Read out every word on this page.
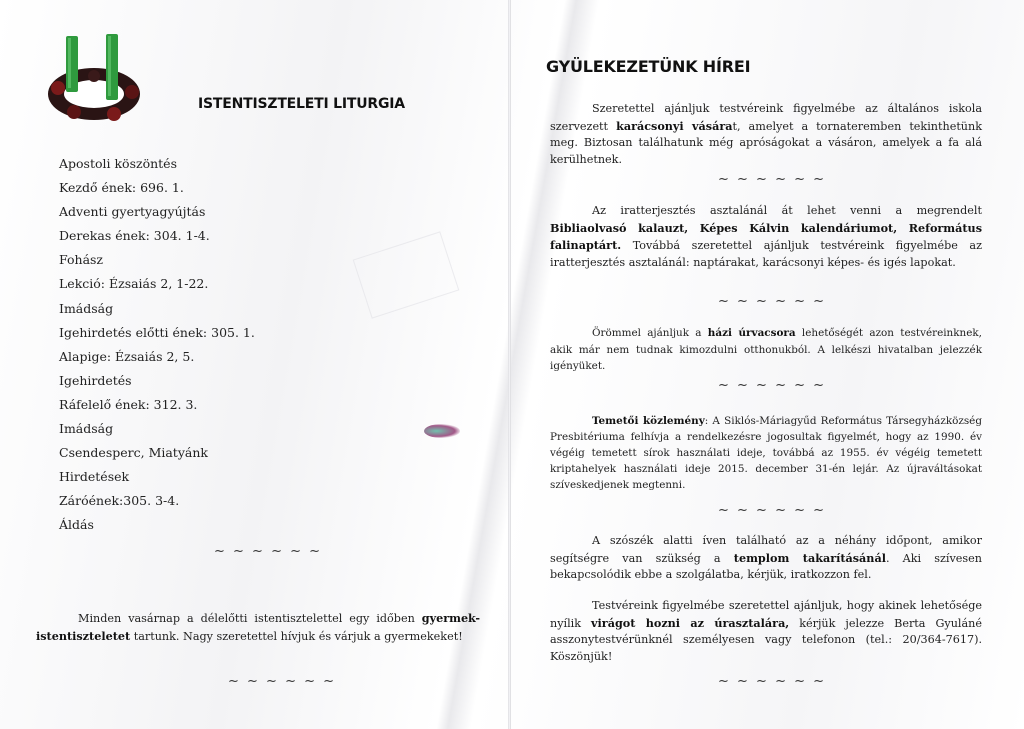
ISTENTISZTELETI LITURGIA
Apostoli köszöntés
Kezdő ének: 696. 1.
Adventi gyertyagyújtás
Derekas ének: 304. 1-4.
Fohász
Lekció: Ézsaiás 2, 1-22.
Imádság
Igehirdetés előtti ének: 305. 1.
Alapige: Ézsaiás 2, 5.
Igehirdetés
Ráfelelő ének: 312. 3.
Imádság
Csendesperc, Miatyánk
Hirdetések
Záróének:305. 3-4.
Áldás
~ ~ ~ ~ ~ ~

Minden vasárnap a délelőtti istentisztelettel egy időben gyermek-istentiszteletet tartunk. Nagy szeretettel hívjuk és várjuk a gyermekeket!

~ ~ ~ ~ ~ ~
GYÜLEKEZETÜNK HÍREI

Szeretettel ajánljuk testvéreink figyelmébe az általános iskola szervezett karácsonyi vásárat, amelyet a tornateremben tekinthetünk meg. Biztosan találhatunk még apróságokat a vásáron, amelyek a fa alá kerülhetnek.

~ ~ ~ ~ ~ ~

Az iratterjesztés asztalánál át lehet venni a megrendelt Bibliaolvasó kalauzt, Képes Kálvin kalendáriumot, Református falinaptárt. Továbbá szeretettel ajánljuk testvéreink figyelmébe az iratterjesztés asztalánál: naptárakat, karácsonyi képes- és igés lapokat.

~ ~ ~ ~ ~ ~

Örömmel ajánljuk a házi úrvacsora lehetőségét azon testvéreinknek, akik már nem tudnak kimozdulni otthonukból. A lelkészi hivatalban jelezzék igényüket.

~ ~ ~ ~ ~ ~

Temetői közlemény: A Siklós-Máriagyűd Református Társegyházközség Presbitériuma felhívja a rendelkezésre jogosultak figyelmét, hogy az 1990. év végéig temetett sírok használati ideje, továbbá az 1955. év végéig temetett kriptahelyek használati ideje 2015. december 31-én lejár. Az újraváltásokat szíveskedjenek megtenni.

~ ~ ~ ~ ~ ~

A szószék alatti íven található az a néhány időpont, amikor segítségre van szükség a templom takarításánál. Aki szívesen bekapcsolódik ebbe a szolgálatba, kérjük, iratkozzon fel.

Testvéreink figyelmébe szeretettel ajánljuk, hogy akinek lehetősége nyílik virágot hozni az úrasztalára, kérjük jelezze Berta Gyuláné asszonytestvérünknél személyesen vagy telefonon (tel.: 20/364-7617). Köszönjük!

~ ~ ~ ~ ~ ~
